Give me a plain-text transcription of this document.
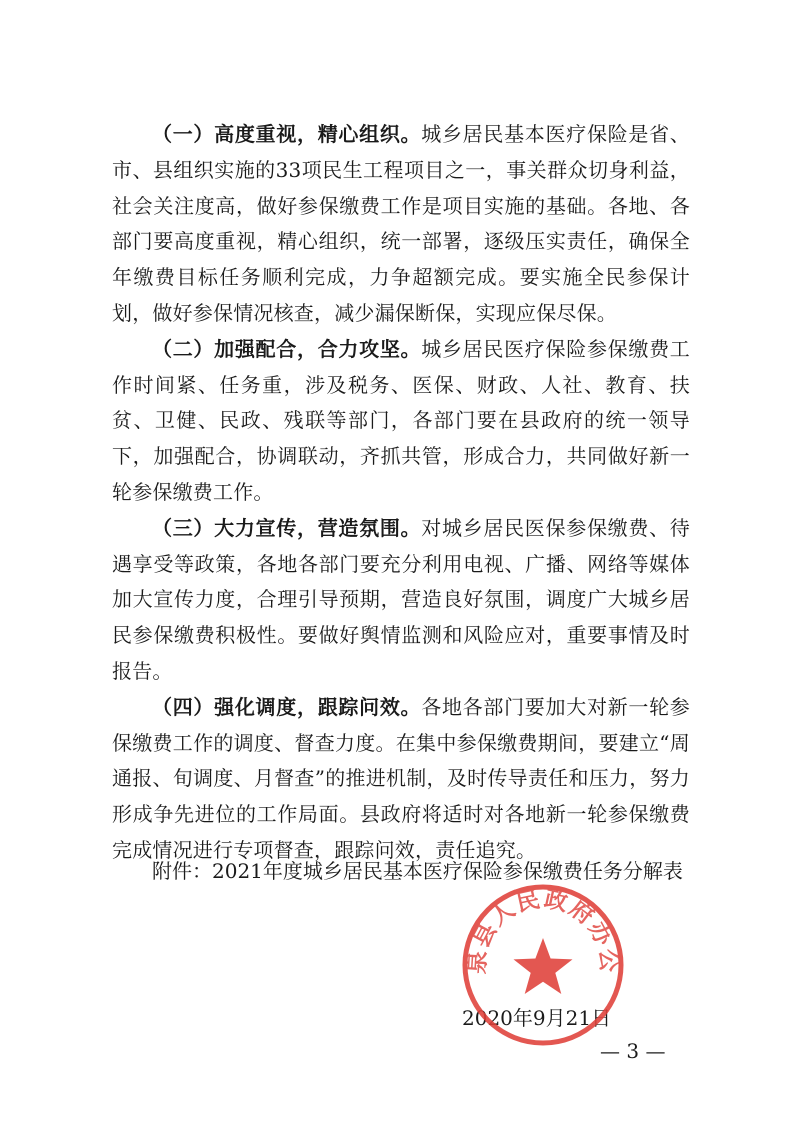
（一）高度重视，精心组织。城乡居民基本医疗保险是省、市、县组织实施的33项民生工程项目之一，事关群众切身利益，社会关注度高，做好参保缴费工作是项目实施的基础。各地、各部门要高度重视，精心组织，统一部署，逐级压实责任，确保全年缴费目标任务顺利完成，力争超额完成。要实施全民参保计划，做好参保情况核查，减少漏保断保，实现应保尽保。

（二）加强配合，合力攻坚。城乡居民医疗保险参保缴费工作时间紧、任务重，涉及税务、医保、财政、人社、教育、扶贫、卫健、民政、残联等部门，各部门要在县政府的统一领导下，加强配合，协调联动，齐抓共管，形成合力，共同做好新一轮参保缴费工作。

（三）大力宣传，营造氛围。对城乡居民医保参保缴费、待遇享受等政策，各地各部门要充分利用电视、广播、网络等媒体加大宣传力度，合理引导预期，营造良好氛围，调度广大城乡居民参保缴费积极性。要做好舆情监测和风险应对，重要事情及时报告。

（四）强化调度，跟踪问效。各地各部门要加大对新一轮参保缴费工作的调度、督查力度。在集中参保缴费期间，要建立“周通报、旬调度、月督查”的推进机制，及时传导责任和压力，努力形成争先进位的工作局面。县政府将适时对各地新一轮参保缴费完成情况进行专项督查，跟踪问效，责任追究。

附件：2021年度城乡居民基本医疗保险参保缴费任务分解表
2020年9月21日
泉县人民政府办公
— 3 —
